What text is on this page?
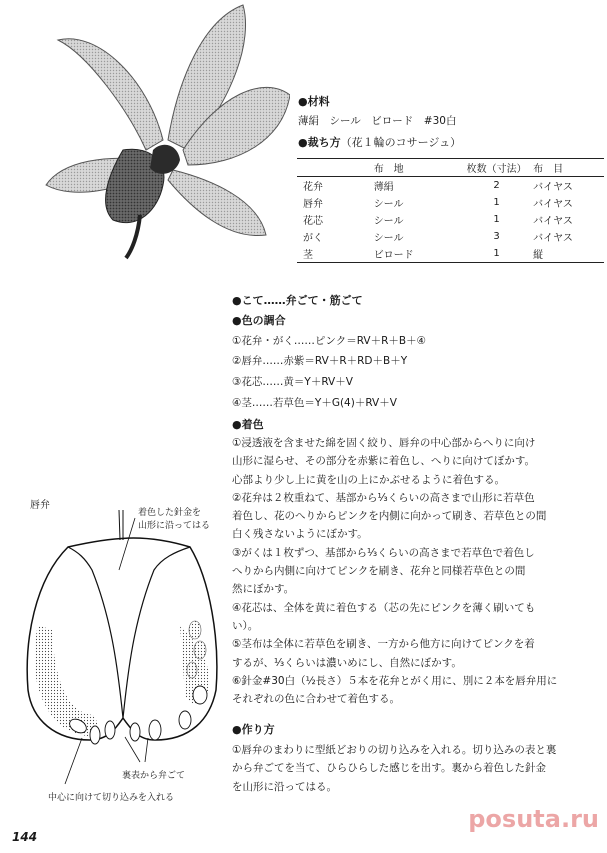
●材料
薄絹　シール　ビロード　#30白
●裁ち方（花１輪のコサージュ）
	布　地	枚数（寸法）	布　目
花弁	薄絹	2	バイヤス
唇弁	シール	1	バイヤス
花芯	シール	1	バイヤス
がく	シール	3	バイヤス
茎	ビロード	1	縦
●こて……弁ごて・筋ごて
●色の調合
①花弁・がく……ピンク＝RV＋R＋B＋④
②唇弁……赤紫＝RV＋R＋RD＋B＋Y
③花芯……黄＝Y＋RV＋V
④茎……若草色＝Y＋G(4)＋RV＋V
●着色
①浸透液を含ませた綿を固く絞り、唇弁の中心部からへりに向け
山形に湿らせ、その部分を赤紫に着色し、へりに向けてぼかす。
心部より少し上に黄を山の上にかぶせるように着色する。
②花弁は２枚重ねて、基部から⅓くらいの高さまで山形に若草色
着色し、花のへりからピンクを内側に向かって刷き、若草色との間
白く残さないようにぼかす。
③がくは１枚ずつ、基部から⅓くらいの高さまで若草色で着色し
へりから内側に向けてピンクを刷き、花弁と同様若草色との間
然にぼかす。
④花芯は、全体を黄に着色する（芯の先にピンクを薄く刷いても
い）。
⑤茎布は全体に若草色を刷き、一方から他方に向けてピンクを着
するが、⅓くらいは濃いめにし、自然にぼかす。
⑥針金#30白（½長さ）５本を花弁とがく用に、別に２本を唇弁用に
それぞれの色に合わせて着色する。
●作り方
①唇弁のまわりに型紙どおりの切り込みを入れる。切り込みの表と裏
から弁ごてを当て、ひらひらした感じを出す。裏から着色した針金
を山形に沿ってはる。
唇弁
着色した針金を
山形に沿ってはる
裏表から弁ごて
中心に向けて切り込みを入れる
144
posuta.ru
